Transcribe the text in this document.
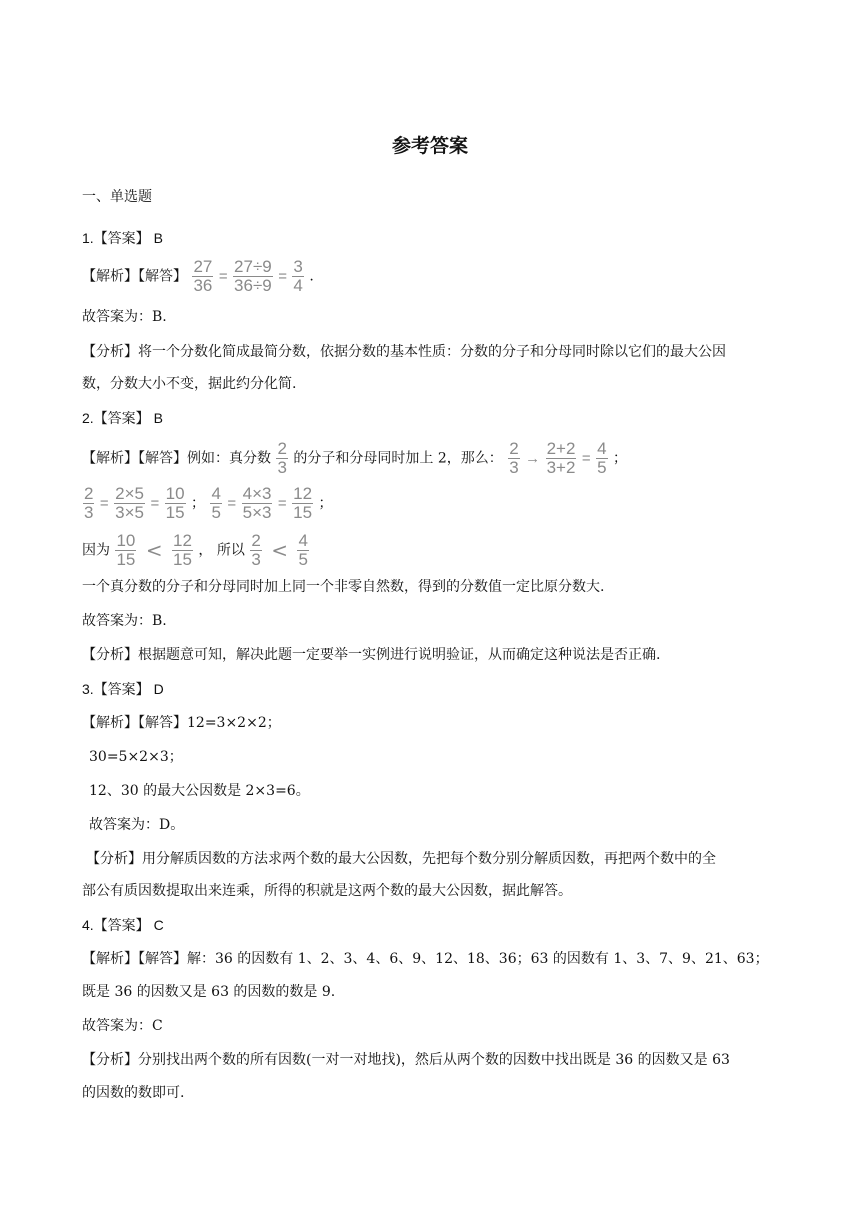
参考答案
一、单选题
1.【答案】 B
【解析】【解答】 $\frac{27}{36} = \frac{27\div 9}{36\div 9} = \frac{3}{4}$ .
故答案为：B.
【分析】将一个分数化简成最简分数，依据分数的基本性质：分数的分子和分母同时除以它们的最大公因
数，分数大小不变，据此约分化简.
2.【答案】 B
【解析】【解答】例如：真分数 $\frac{2}{3}$ 的分子和分母同时加上 2，那么： $\frac{2}{3} \to \frac{2+2}{3+2} = \frac{4}{5}$ ；
$\frac{2}{3} = \frac{2\times 5}{3\times 5} = \frac{10}{15}$ ； $\frac{4}{5} = \frac{4\times 3}{5\times 3} = \frac{12}{15}$ ；
因为 $\frac{10}{15} < \frac{12}{15}$ ， 所以 $\frac{2}{3} < \frac{4}{5}$
一个真分数的分子和分母同时加上同一个非零自然数，得到的分数值一定比原分数大.
故答案为：B.
【分析】根据题意可知，解决此题一定要举一实例进行说明验证，从而确定这种说法是否正确.
3.【答案】 D
【解析】【解答】12=3×2×2；
30=5×2×3；
12、30 的最大公因数是 2×3=6。
故答案为：D。
【分析】用分解质因数的方法求两个数的最大公因数，先把每个数分别分解质因数，再把两个数中的全
部公有质因数提取出来连乘，所得的积就是这两个数的最大公因数，据此解答。
4.【答案】 C
【解析】【解答】解：36 的因数有 1、2、3、4、6、9、12、18、36；63 的因数有 1、3、7、9、21、63；
既是 36 的因数又是 63 的因数的数是 9.
故答案为：C
【分析】分别找出两个数的所有因数(一对一对地找)，然后从两个数的因数中找出既是 36 的因数又是 63
的因数的数即可.
